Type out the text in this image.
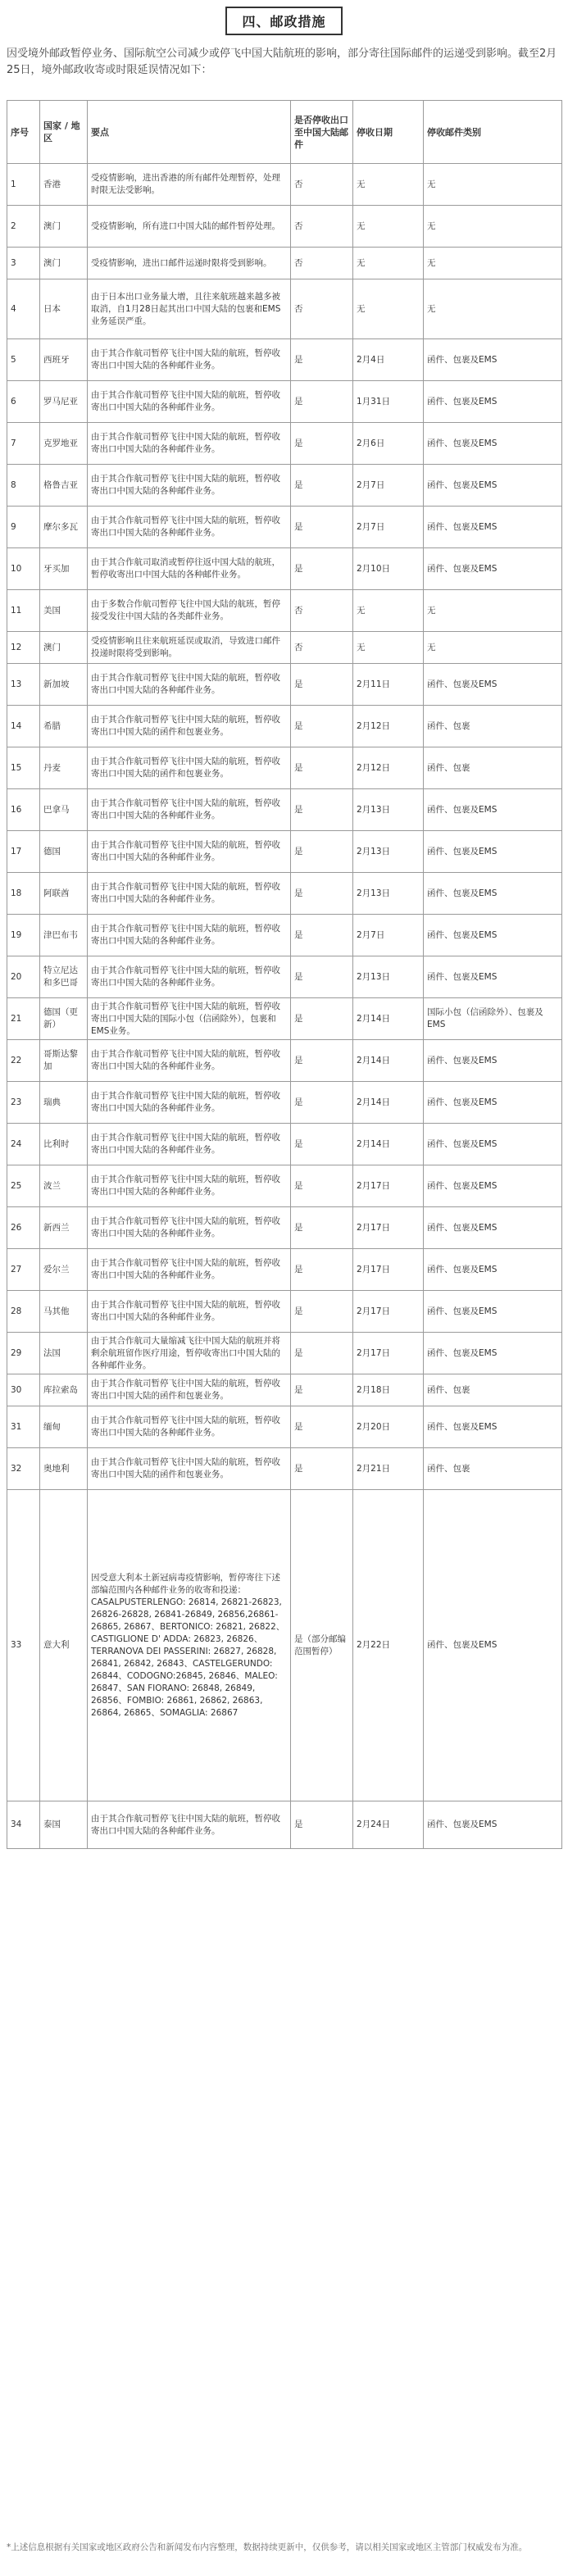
四、邮政措施
因受境外邮政暂停业务、国际航空公司减少或停飞中国大陆航班的影响，部分寄往国际邮件的运递受到影响。截至2月25日，境外邮政收寄或时限延误情况如下：
序号	国家 / 地区	要点	是否停收出口至中国大陆邮件	停收日期	停收邮件类别
1	香港	受疫情影响，进出香港的所有邮件处理暂停，处理时限无法受影响。	否	无	无
2	澳门	受疫情影响，所有进口中国大陆的邮件暂停处理。	否	无	无
3	澳门	受疫情影响，进出口邮件运递时限将受到影响。	否	无	无
4	日本	由于日本出口业务量大增，且往来航班越来越多被取消，自1月28日起其出口中国大陆的包裹和EMS业务延误严重。	否	无	无
5	西班牙	由于其合作航司暂停飞往中国大陆的航班，暂停收寄出口中国大陆的各种邮件业务。	是	2月4日	函件、包裹及EMS
6	罗马尼亚	由于其合作航司暂停飞往中国大陆的航班，暂停收寄出口中国大陆的各种邮件业务。	是	1月31日	函件、包裹及EMS
7	克罗地亚	由于其合作航司暂停飞往中国大陆的航班，暂停收寄出口中国大陆的各种邮件业务。	是	2月6日	函件、包裹及EMS
8	格鲁吉亚	由于其合作航司暂停飞往中国大陆的航班，暂停收寄出口中国大陆的各种邮件业务。	是	2月7日	函件、包裹及EMS
9	摩尔多瓦	由于其合作航司暂停飞往中国大陆的航班，暂停收寄出口中国大陆的各种邮件业务。	是	2月7日	函件、包裹及EMS
10	牙买加	由于其合作航司取消或暂停往返中国大陆的航班，暂停收寄出口中国大陆的各种邮件业务。	是	2月10日	函件、包裹及EMS
11	美国	由于多数合作航司暂停飞往中国大陆的航班，暂停接受发往中国大陆的各类邮件业务。	否	无	无
12	澳门	受疫情影响且往来航班延误或取消，导致进口邮件投递时限将受到影响。	否	无	无
13	新加坡	由于其合作航司暂停飞往中国大陆的航班，暂停收寄出口中国大陆的各种邮件业务。	是	2月11日	函件、包裹及EMS
14	希腊	由于其合作航司暂停飞往中国大陆的航班，暂停收寄出口中国大陆的函件和包裹业务。	是	2月12日	函件、包裹
15	丹麦	由于其合作航司暂停飞往中国大陆的航班，暂停收寄出口中国大陆的函件和包裹业务。	是	2月12日	函件、包裹
16	巴拿马	由于其合作航司暂停飞往中国大陆的航班，暂停收寄出口中国大陆的各种邮件业务。	是	2月13日	函件、包裹及EMS
17	德国	由于其合作航司暂停飞往中国大陆的航班，暂停收寄出口中国大陆的各种邮件业务。	是	2月13日	函件、包裹及EMS
18	阿联酋	由于其合作航司暂停飞往中国大陆的航班，暂停收寄出口中国大陆的各种邮件业务。	是	2月13日	函件、包裹及EMS
19	津巴布韦	由于其合作航司暂停飞往中国大陆的航班，暂停收寄出口中国大陆的各种邮件业务。	是	2月7日	函件、包裹及EMS
20	特立尼达和多巴哥	由于其合作航司暂停飞往中国大陆的航班，暂停收寄出口中国大陆的各种邮件业务。	是	2月13日	函件、包裹及EMS
21	德国（更新）	由于其合作航司暂停飞往中国大陆的航班，暂停收寄出口中国大陆的国际小包（信函除外），包裹和EMS业务。	是	2月14日	国际小包（信函除外）、包裹及EMS
22	哥斯达黎加	由于其合作航司暂停飞往中国大陆的航班，暂停收寄出口中国大陆的各种邮件业务。	是	2月14日	函件、包裹及EMS
23	瑞典	由于其合作航司暂停飞往中国大陆的航班，暂停收寄出口中国大陆的各种邮件业务。	是	2月14日	函件、包裹及EMS
24	比利时	由于其合作航司暂停飞往中国大陆的航班，暂停收寄出口中国大陆的各种邮件业务。	是	2月14日	函件、包裹及EMS
25	波兰	由于其合作航司暂停飞往中国大陆的航班，暂停收寄出口中国大陆的各种邮件业务。	是	2月17日	函件、包裹及EMS
26	新西兰	由于其合作航司暂停飞往中国大陆的航班，暂停收寄出口中国大陆的各种邮件业务。	是	2月17日	函件、包裹及EMS
27	爱尔兰	由于其合作航司暂停飞往中国大陆的航班，暂停收寄出口中国大陆的各种邮件业务。	是	2月17日	函件、包裹及EMS
28	马其他	由于其合作航司暂停飞往中国大陆的航班，暂停收寄出口中国大陆的各种邮件业务。	是	2月17日	函件、包裹及EMS
29	法国	由于其合作航司大量缩减飞往中国大陆的航班并将剩余航班留作医疗用途，暂停收寄出口中国大陆的各种邮件业务。	是	2月17日	函件、包裹及EMS
30	库拉索岛	由于其合作航司暂停飞往中国大陆的航班，暂停收寄出口中国大陆的函件和包裹业务。	是	2月18日	函件、包裹
31	缅甸	由于其合作航司暂停飞往中国大陆的航班，暂停收寄出口中国大陆的各种邮件业务。	是	2月20日	函件、包裹及EMS
32	奥地利	由于其合作航司暂停飞往中国大陆的航班，暂停收寄出口中国大陆的函件和包裹业务。	是	2月21日	函件、包裹
33	意大利	因受意大利本土新冠病毒疫情影响，暂停寄往下述部编范围内各种邮件业务的收寄和投递：CASALPUSTERLENGO: 26814, 26821-26823, 26826-26828, 26841-26849, 26856,26861-26865, 26867、BERTONICO: 26821, 26822、CASTIGLIONE D' ADDA: 26823, 26826、TERRANOVA DEI PASSERINI: 26827, 26828, 26841, 26842, 26843、CASTELGERUNDO: 26844、CODOGNO:26845, 26846、MALEO: 26847、SAN FIORANO: 26848, 26849, 26856、FOMBIO: 26861, 26862, 26863, 26864, 26865、SOMAGLIA: 26867	是（部分邮编范围暂停）	2月22日	函件、包裹及EMS
34	泰国	由于其合作航司暂停飞往中国大陆的航班，暂停收寄出口中国大陆的各种邮件业务。	是	2月24日	函件、包裹及EMS
*上述信息根据有关国家或地区政府公告和新闻发布内容整理，数据持续更新中，仅供参考，请以相关国家或地区主管部门权威发布为准。
